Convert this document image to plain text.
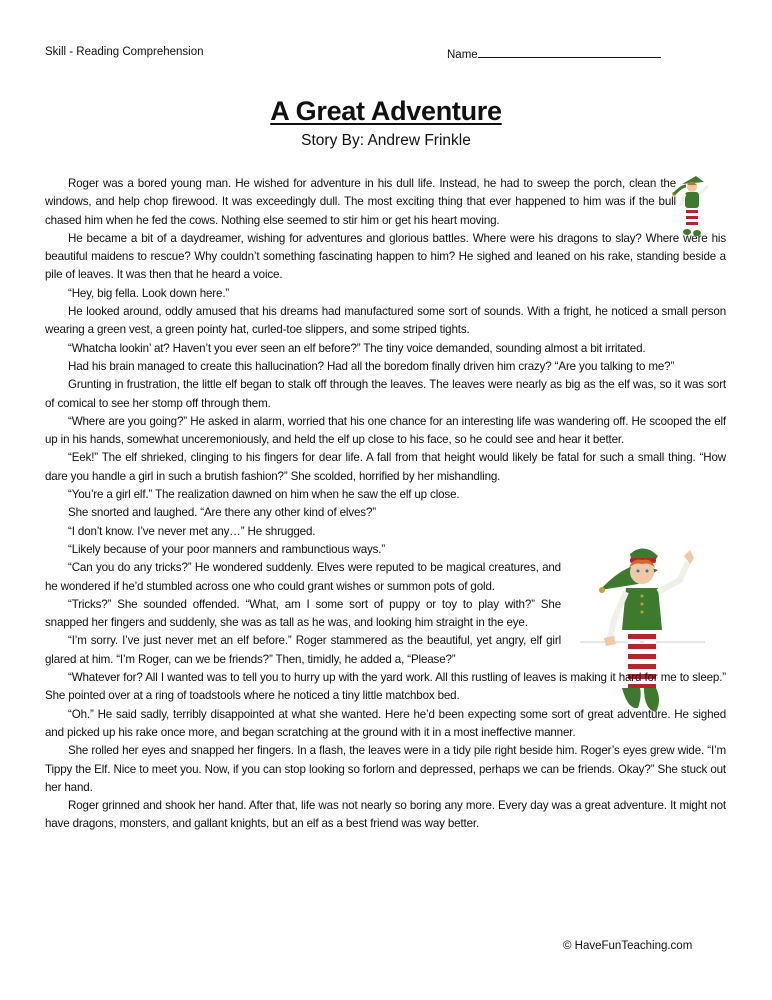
Skill - Reading Comprehension	Name
A Great Adventure
Story By: Andrew Frinkle

Roger was a bored young man. He wished for adventure in his dull life. Instead, he had to sweep the porch, clean the windows, and help chop firewood. It was exceedingly dull. The most exciting thing that ever happened to him was if the bull chased him when he fed the cows. Nothing else seemed to stir him or get his heart moving.

He became a bit of a daydreamer, wishing for adventures and glorious battles. Where were his dragons to slay? Where were his beautiful maidens to rescue? Why couldn’t something fascinating happen to him? He sighed and leaned on his rake, standing beside a pile of leaves. It was then that he heard a voice.

“Hey, big fella. Look down here.”

He looked around, oddly amused that his dreams had manufactured some sort of sounds. With a fright, he noticed a small person wearing a green vest, a green pointy hat, curled-toe slippers, and some striped tights.

“Whatcha lookin’ at? Haven’t you ever seen an elf before?” The tiny voice demanded, sounding almost a bit irritated.

Had his brain managed to create this hallucination? Had all the boredom finally driven him crazy? “Are you talking to me?”

Grunting in frustration, the little elf began to stalk off through the leaves. The leaves were nearly as big as the elf was, so it was sort of comical to see her stomp off through them.

“Where are you going?” He asked in alarm, worried that his one chance for an interesting life was wandering off. He scooped the elf up in his hands, somewhat unceremoniously, and held the elf up close to his face, so he could see and hear it better.

“Eek!” The elf shrieked, clinging to his fingers for dear life. A fall from that height would likely be fatal for such a small thing. “How dare you handle a girl in such a brutish fashion?” She scolded, horrified by her mishandling.

“You’re a girl elf.” The realization dawned on him when he saw the elf up close.

She snorted and laughed. “Are there any other kind of elves?”

“I don’t know. I’ve never met any…” He shrugged.

“Likely because of your poor manners and rambunctious ways.”

“Can you do any tricks?” He wondered suddenly. Elves were reputed to be magical creatures, and he wondered if he’d stumbled across one who could grant wishes or summon pots of gold.

“Tricks?” She sounded offended. “What, am I some sort of puppy or toy to play with?” She snapped her fingers and suddenly, she was as tall as he was, and looking him straight in the eye.

“I’m sorry. I’ve just never met an elf before.” Roger stammered as the beautiful, yet angry, elf girl glared at him. “I’m Roger, can we be friends?” Then, timidly, he added a, “Please?”

“Whatever for? All I wanted was to tell you to hurry up with the yard work. All this rustling of leaves is making it hard for me to sleep.” She pointed over at a ring of toadstools where he noticed a tiny little matchbox bed.

“Oh.” He said sadly, terribly disappointed at what she wanted. Here he’d been expecting some sort of great adventure. He sighed and picked up his rake once more, and began scratching at the ground with it in a most ineffective manner.

She rolled her eyes and snapped her fingers. In a flash, the leaves were in a tidy pile right beside him. Roger’s eyes grew wide. “I’m Tippy the Elf. Nice to meet you. Now, if you can stop looking so forlorn and depressed, perhaps we can be friends. Okay?” She stuck out her hand.

Roger grinned and shook her hand. After that, life was not nearly so boring any more. Every day was a great adventure. It might not have dragons, monsters, and gallant knights, but an elf as a best friend was way better.

© HaveFunTeaching.com
